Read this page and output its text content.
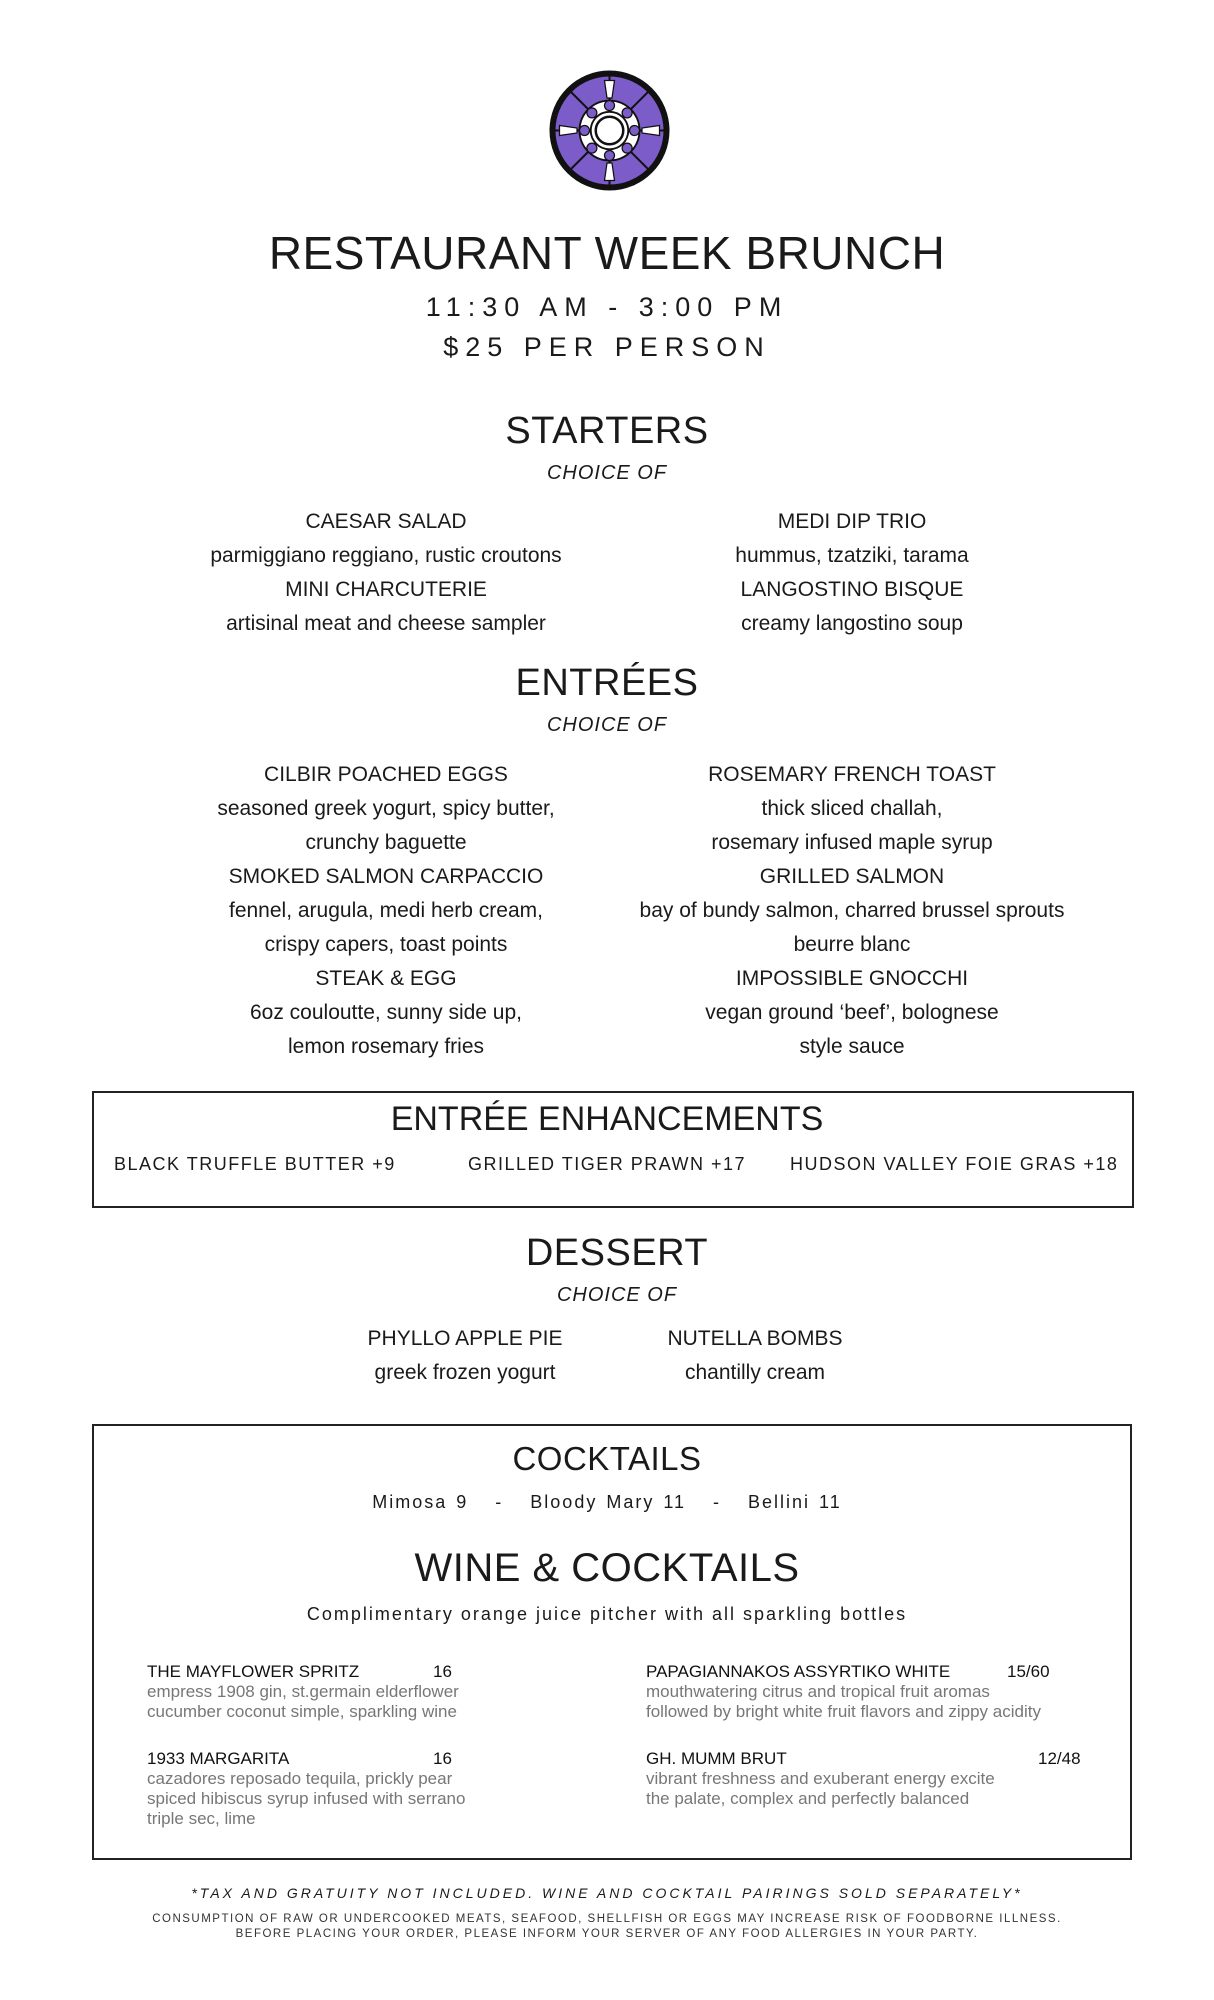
RESTAURANT WEEK BRUNCH
11:30 AM - 3:00 PM
$25 PER PERSON
STARTERS
CHOICE OF
CAESAR SALAD
parmiggiano reggiano, rustic croutons
MINI CHARCUTERIE
artisinal meat and cheese sampler
MEDI DIP TRIO
hummus, tzatziki, tarama
LANGOSTINO BISQUE
creamy langostino soup
ENTRÉES
CHOICE OF
CILBIR POACHED EGGS
seasoned greek yogurt, spicy butter,
crunchy baguette
SMOKED SALMON CARPACCIO
fennel, arugula, medi herb cream,
crispy capers, toast points
STEAK & EGG
6oz couloutte, sunny side up,
lemon rosemary fries
ROSEMARY FRENCH TOAST
thick sliced challah,
rosemary infused maple syrup
GRILLED SALMON
bay of bundy salmon, charred brussel sprouts
beurre blanc
IMPOSSIBLE GNOCCHI
vegan ground ‘beef’, bolognese
style sauce
ENTRÉE ENHANCEMENTS
BLACK TRUFFLE BUTTER +9	GRILLED TIGER PRAWN +17 HUDSON VALLEY FOIE GRAS +18
DESSERT
CHOICE OF
PHYLLO APPLE PIE
greek frozen yogurt
NUTELLA BOMBS
chantilly cream
COCKTAILS
Mimosa 9   -   Bloody Mary 11   -   Bellini 11
WINE & COCKTAILS
Complimentary orange juice pitcher with all sparkling bottles
THE MAYFLOWER SPRITZ	16
empress 1908 gin, st.germain elderflower
cucumber coconut simple, sparkling wine
PAPAGIANNAKOS ASSYRTIKO WHITE	15/60
mouthwatering citrus and tropical fruit aromas
followed by bright white fruit flavors and zippy acidity
1933 MARGARITA	16
cazadores reposado tequila, prickly pear
spiced hibiscus syrup infused with serrano
triple sec, lime
GH. MUMM BRUT	12/48
vibrant freshness and exuberant energy excite
the palate, complex and perfectly balanced
*TAX AND GRATUITY NOT INCLUDED. WINE AND COCKTAIL PAIRINGS SOLD SEPARATELY*
CONSUMPTION OF RAW OR UNDERCOOKED MEATS, SEAFOOD, SHELLFISH OR EGGS MAY INCREASE RISK OF FOODBORNE ILLNESS.
BEFORE PLACING YOUR ORDER, PLEASE INFORM YOUR SERVER OF ANY FOOD ALLERGIES IN YOUR PARTY.
